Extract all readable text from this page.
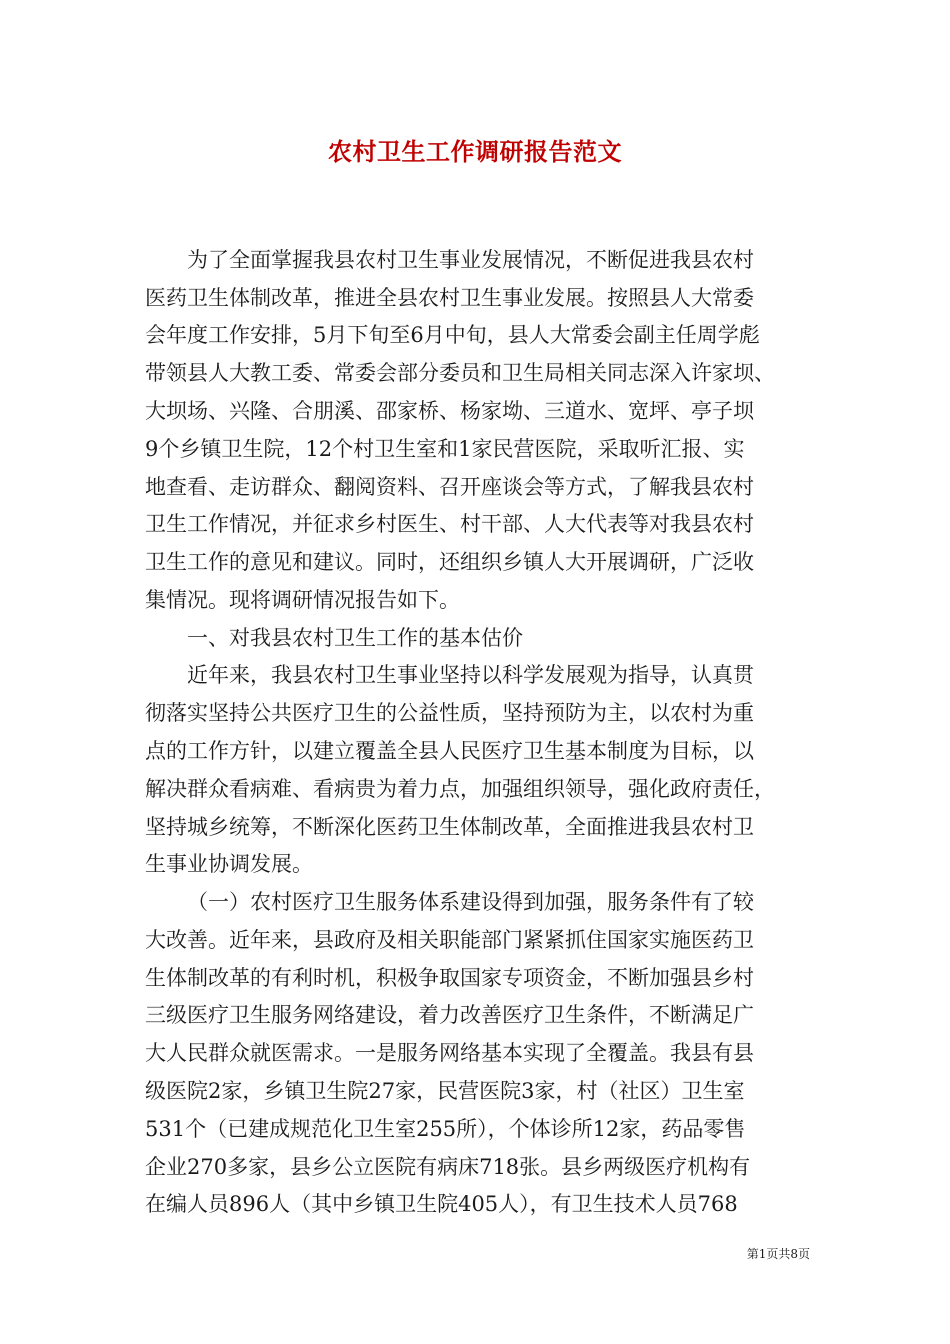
农村卫生工作调研报告范文
为了全面掌握我县农村卫生事业发展情况，不断促进我县农村
医药卫生体制改革，推进全县农村卫生事业发展。按照县人大常委
会年度工作安排，5月下旬至6月中旬，县人大常委会副主任周学彪
带领县人大教工委、常委会部分委员和卫生局相关同志深入许家坝、
大坝场、兴隆、合朋溪、邵家桥、杨家坳、三道水、宽坪、亭子坝
9个乡镇卫生院，12个村卫生室和1家民营医院，采取听汇报、实
地查看、走访群众、翻阅资料、召开座谈会等方式，了解我县农村
卫生工作情况，并征求乡村医生、村干部、人大代表等对我县农村
卫生工作的意见和建议。同时，还组织乡镇人大开展调研，广泛收
集情况。现将调研情况报告如下。
一、对我县农村卫生工作的基本估价
近年来，我县农村卫生事业坚持以科学发展观为指导，认真贯
彻落实坚持公共医疗卫生的公益性质，坚持预防为主，以农村为重
点的工作方针，以建立覆盖全县人民医疗卫生基本制度为目标，以
解决群众看病难、看病贵为着力点，加强组织领导，强化政府责任，
坚持城乡统筹，不断深化医药卫生体制改革，全面推进我县农村卫
生事业协调发展。
（一）农村医疗卫生服务体系建设得到加强，服务条件有了较
大改善。近年来，县政府及相关职能部门紧紧抓住国家实施医药卫
生体制改革的有利时机，积极争取国家专项资金，不断加强县乡村
三级医疗卫生服务网络建设，着力改善医疗卫生条件，不断满足广
大人民群众就医需求。一是服务网络基本实现了全覆盖。我县有县
级医院2家，乡镇卫生院27家，民营医院3家，村（社区）卫生室
531个（已建成规范化卫生室255所），个体诊所12家，药品零售
企业270多家，县乡公立医院有病床718张。县乡两级医疗机构有
在编人员896人（其中乡镇卫生院405人），有卫生技术人员768
第1页共8页
